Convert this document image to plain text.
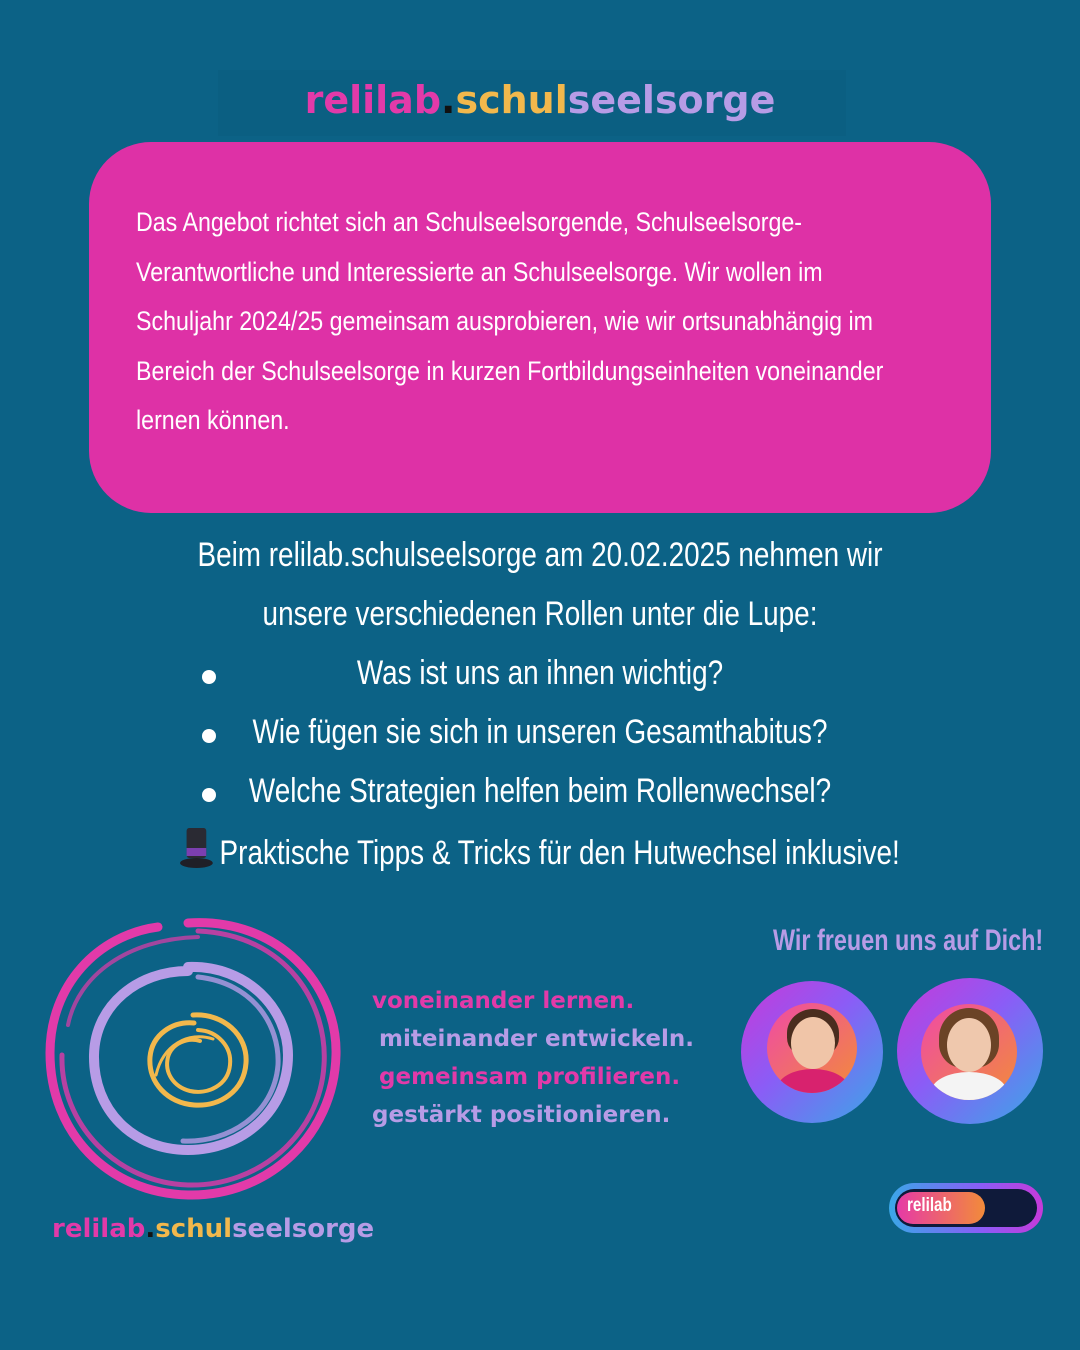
relilab.schulseelsorge
Das Angebot richtet sich an Schulseelsorgende, Schulseelsorge-
Verantwortliche und Interessierte an Schulseelsorge. Wir wollen im
Schuljahr 2024/25 gemeinsam ausprobieren, wie wir ortsunabhängig im
Bereich der Schulseelsorge in kurzen Fortbildungseinheiten voneinander
lernen können.
Beim relilab.schulseelsorge am 20.02.2025 nehmen wir
unsere verschiedenen Rollen unter die Lupe:
Was ist uns an ihnen wichtig?
Wie fügen sie sich in unseren Gesamthabitus?
Welche Strategien helfen beim Rollenwechsel?
Praktische Tipps & Tricks für den Hutwechsel inklusive!
voneinander lernen.
miteinander entwickeln.
gemeinsam profilieren.
gestärkt positionieren.
Wir freuen uns auf Dich!
relilab.schulseelsorge
relilab
